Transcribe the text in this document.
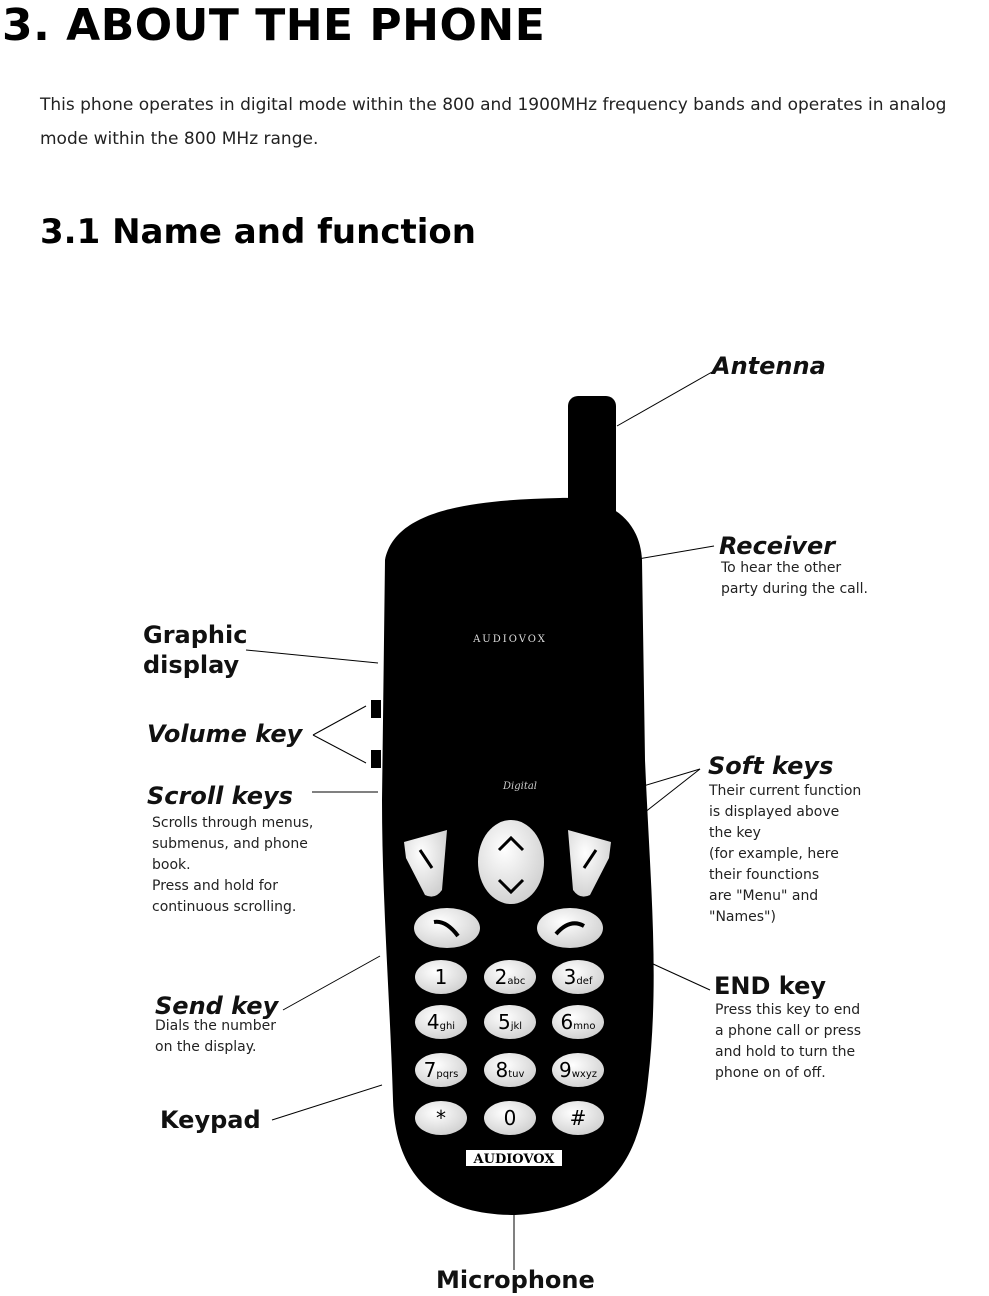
3. ABOUT THE PHONE
This phone operates in digital mode within the 800 and 1900MHz frequency bands and operates in analog mode within the 800 MHz range.
3.1 Name and function
AUDIOVOX
Digital
1 2abc 3def
4ghi 5jkl 6mno
7pqrs 8tuv 9wxyz
*	0	#
AUDIOVOX
Antenna
Receiver
To hear the other
party during the call.
Graphic
display
Volume key
Soft keys
Their current function
is displayed above
the key
(for example, here
their founctions
are "Menu" and
"Names")
Scroll keys
Scrolls through menus,
submenus, and phone
book.
Press and hold for
continuous scrolling.
END key
Press this key to end
a phone call or press
and hold to turn the
phone on of off.
Send key
Dials the number
on the display.
Keypad
Microphone
